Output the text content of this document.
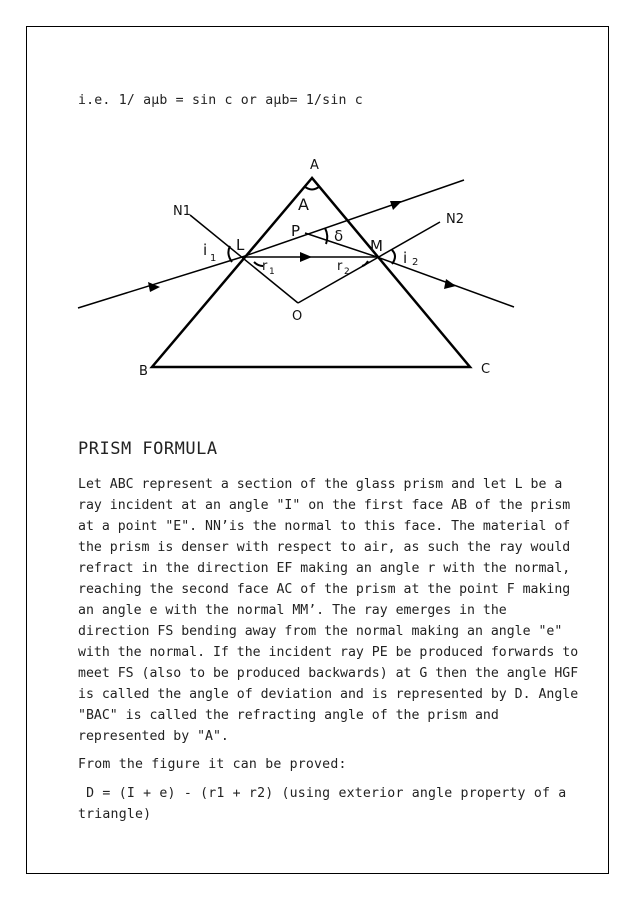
i.e. 1/ aμb = sin c or aμb= 1/sin c
A
A
B	C
N1
N2
L	M
P
O
δ
i 1	i 2
r 1	r 2
PRISM FORMULA
Let ABC represent a section of the glass prism and let L be a
ray incident at an angle "I" on the first face AB of the prism
at a point "E". NN’is the normal to this face. The material of
the prism is denser with respect to air, as such the ray would
refract in the direction EF making an angle r with the normal,
reaching the second face AC of the prism at the point F making
an angle e with the normal MM’. The ray emerges in the
direction FS bending away from the normal making an angle "e"
with the normal. If the incident ray PE be produced forwards to
meet FS (also to be produced backwards) at G then the angle HGF
is called the angle of deviation and is represented by D. Angle
"BAC" is called the refracting angle of the prism and
represented by "A".
From the figure it can be proved:
D = (I + e) - (r1 + r2) (using exterior angle property of a
triangle)
